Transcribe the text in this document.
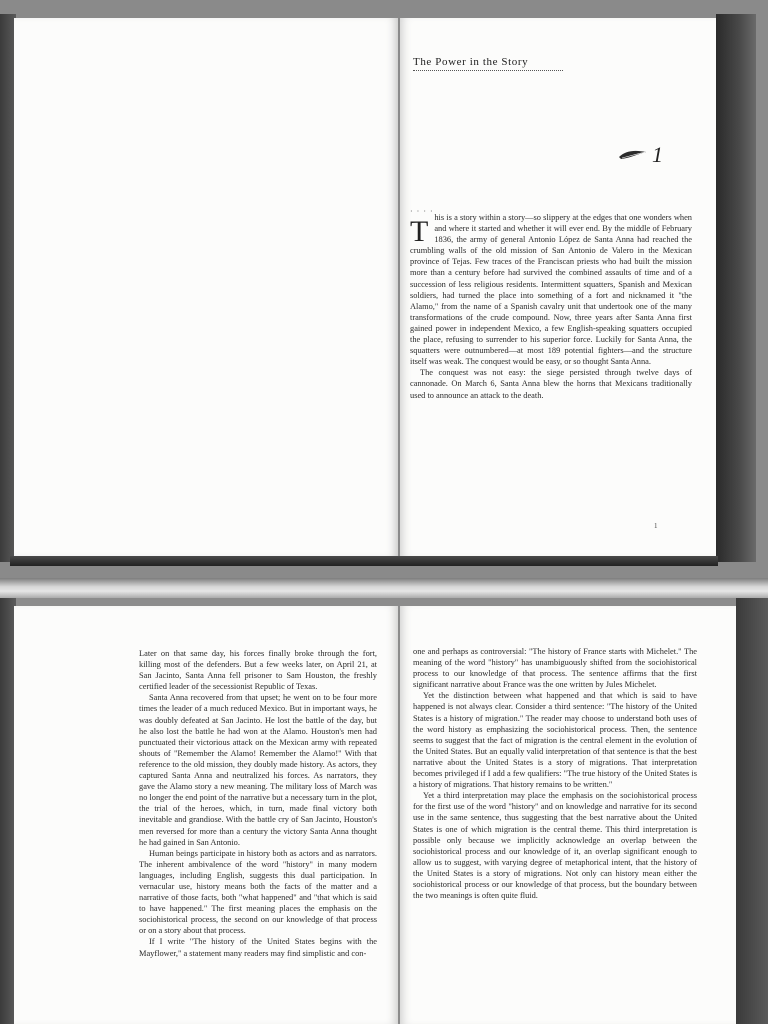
The Power in the Story
1
· · · ·
T his is a story within a story—so slippery at the edges that one wonders when and where it started and whether it will ever end. By the middle of February 1836, the army of general Antonio López de Santa Anna had reached the crumbling walls of the old mission of San Antonio de Valero in the Mexican province of Tejas. Few traces of the Franciscan priests who had built the mission more than a century before had survived the combined assaults of time and of a succession of less religious residents. Intermittent squatters, Spanish and Mexican soldiers, had turned the place into something of a fort and nicknamed it "the Alamo," from the name of a Spanish cavalry unit that undertook one of the many transformations of the crude compound. Now, three years after Santa Anna first gained power in independent Mexico, a few English-speaking squatters occupied the place, refusing to surrender to his superior force. Luckily for Santa Anna, the squatters were outnumbered—at most 189 potential fighters—and the structure itself was weak. The conquest would be easy, or so thought Santa Anna.

The conquest was not easy: the siege persisted through twelve days of cannonade. On March 6, Santa Anna blew the horns that Mexicans traditionally used to announce an attack to the death.

1

Later on that same day, his forces finally broke through the fort, killing most of the defenders. But a few weeks later, on April 21, at San Jacinto, Santa Anna fell prisoner to Sam Houston, the freshly certified leader of the secessionist Republic of Texas.

Santa Anna recovered from that upset; he went on to be four more times the leader of a much reduced Mexico. But in important ways, he was doubly defeated at San Jacinto. He lost the battle of the day, but he also lost the battle he had won at the Alamo. Houston's men had punctuated their victorious attack on the Mexican army with repeated shouts of "Remember the Alamo! Remember the Alamo!" With that reference to the old mission, they doubly made history. As actors, they captured Santa Anna and neutralized his forces. As narrators, they gave the Alamo story a new meaning. The military loss of March was no longer the end point of the narrative but a necessary turn in the plot, the trial of the heroes, which, in turn, made final victory both inevitable and grandiose. With the battle cry of San Jacinto, Houston's men reversed for more than a century the victory Santa Anna thought he had gained in San Antonio.

Human beings participate in history both as actors and as narrators. The inherent ambivalence of the word "history" in many modern languages, including English, suggests this dual participation. In vernacular use, history means both the facts of the matter and a narrative of those facts, both "what happened" and "that which is said to have happened." The first meaning places the emphasis on the sociohistorical process, the second on our knowledge of that process or on a story about that process.

If I write "The history of the United States begins with the Mayflower," a statement many readers may find simplistic and con-

one and perhaps as controversial: "The history of France starts with Michelet." The meaning of the word "history" has unambiguously shifted from the sociohistorical process to our knowledge of that process. The sentence affirms that the first significant narrative about France was the one written by Jules Michelet.

Yet the distinction between what happened and that which is said to have happened is not always clear. Consider a third sentence: "The history of the United States is a history of migration." The reader may choose to understand both uses of the word history as emphasizing the sociohistorical process. Then, the sentence seems to suggest that the fact of migration is the central element in the evolution of the United States. But an equally valid interpretation of that sentence is that the best narrative about the United States is a story of migrations. That interpretation becomes privileged if I add a few qualifiers: "The true history of the United States is a history of migrations. That history remains to be written."

Yet a third interpretation may place the emphasis on the sociohistorical process for the first use of the word "history" and on knowledge and narrative for its second use in the same sentence, thus suggesting that the best narrative about the United States is one of which migration is the central theme. This third interpretation is possible only because we implicitly acknowledge an overlap between the sociohistorical process and our knowledge of it, an overlap significant enough to allow us to suggest, with varying degree of metaphorical intent, that the history of the United States is a story of migrations. Not only can history mean either the sociohistorical process or our knowledge of that process, but the boundary between the two meanings is often quite fluid.
